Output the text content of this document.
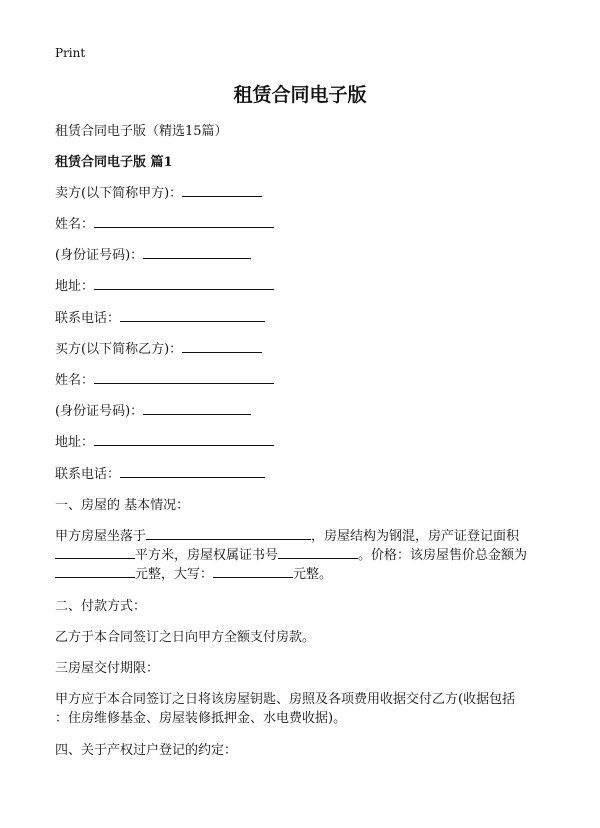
Print
租赁合同电子版
租赁合同电子版（精选15篇）
租赁合同电子版 篇1
卖方(以下简称甲方)：
姓名：
(身份证号码)：
地址：
联系电话：
买方(以下简称乙方)：
姓名：
(身份证号码)：
地址：
联系电话：
一、房屋的 基本情况：
甲方房屋坐落于	，房屋结构为钢混，房产证登记面积
平方米，房屋权属证书号	。价格：该房屋售价总金额为
元整，大写：	元整。
二、付款方式：
乙方于本合同签订之日向甲方全额支付房款。
三房屋交付期限：
甲方应于本合同签订之日将该房屋钥匙、房照及各项费用收据交付乙方(收据包括
：住房维修基金、房屋装修抵押金、水电费收据)。
四、关于产权过户登记的约定：
